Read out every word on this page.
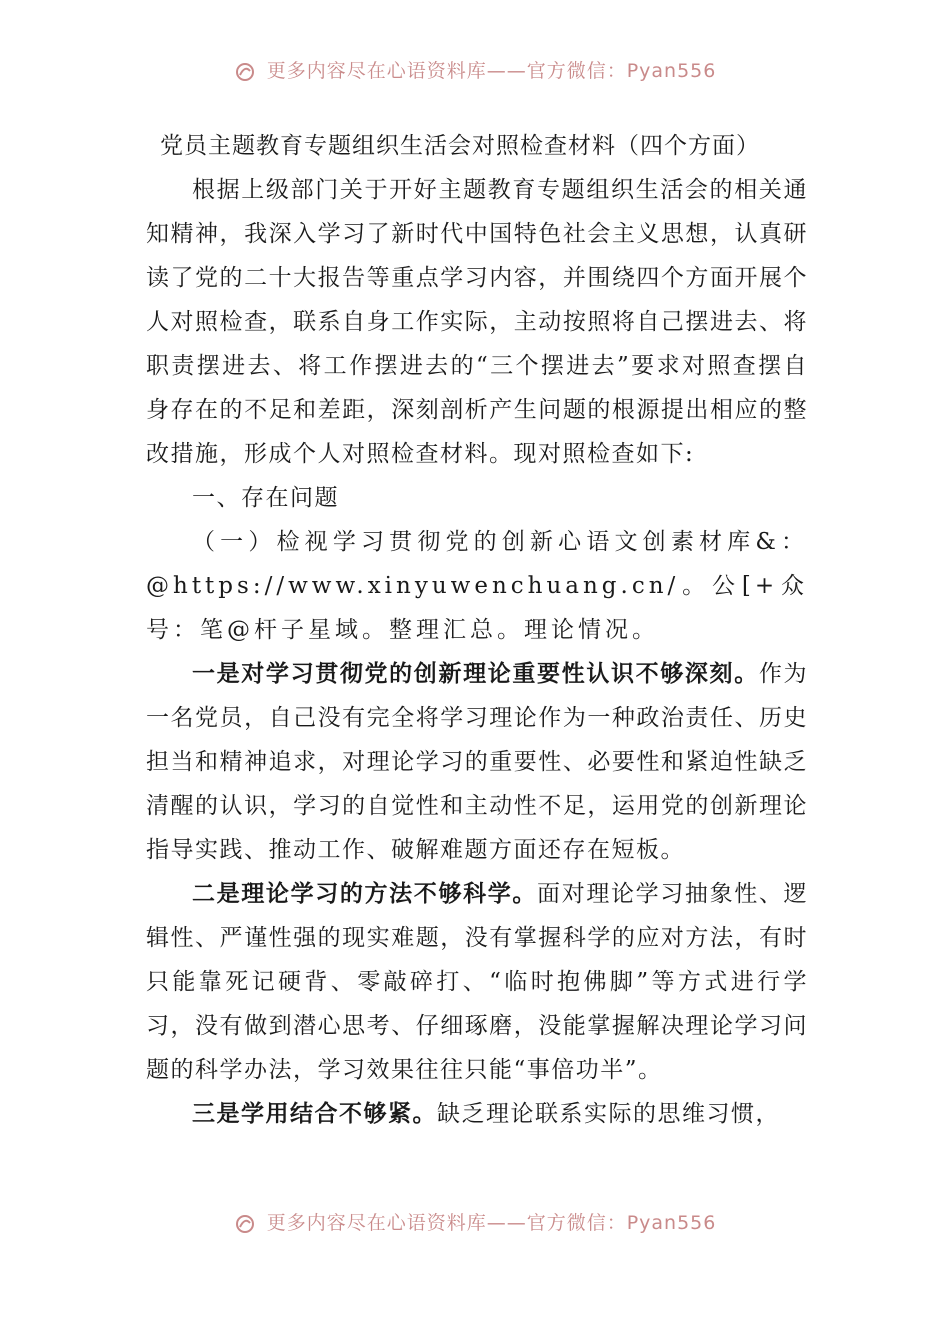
更多内容尽在心语资料库——官方微信：Pyan556
党员主题教育专题组织生活会对照检查材料（四个方面）

根据上级部门关于开好主题教育专题组织生活会的相关通知精神，我深入学习了新时代中国特色社会主义思想，认真研读了党的二十大报告等重点学习内容，并围绕四个方面开展个人对照检查，联系自身工作实际，主动按照将自己摆进去、将职责摆进去、将工作摆进去的“三个摆进去”要求对照查摆自身存在的不足和差距，深刻剖析产生问题的根源提出相应的整改措施，形成个人对照检查材料。现对照检查如下:

一、存在问题

（一）检视学习贯彻党的创新心语文创素材库&：@https://www.xinyuwenchuang.cn/。公[+众号：笔@杆子星域。整理汇总。理论情况。

一是对学习贯彻党的创新理论重要性认识不够深刻。作为一名党员，自己没有完全将学习理论作为一种政治责任、历史担当和精神追求，对理论学习的重要性、必要性和紧迫性缺乏清醒的认识，学习的自觉性和主动性不足，运用党的创新理论指导实践、推动工作、破解难题方面还存在短板。

二是理论学习的方法不够科学。面对理论学习抽象性、逻辑性、严谨性强的现实难题，没有掌握科学的应对方法，有时只能靠死记硬背、零敲碎打、“临时抱佛脚”等方式进行学习，没有做到潜心思考、仔细琢磨，没能掌握解决理论学习问题的科学办法，学习效果往往只能“事倍功半”。

三是学用结合不够紧。缺乏理论联系实际的思维习惯，

更多内容尽在心语资料库——官方微信：Pyan556
